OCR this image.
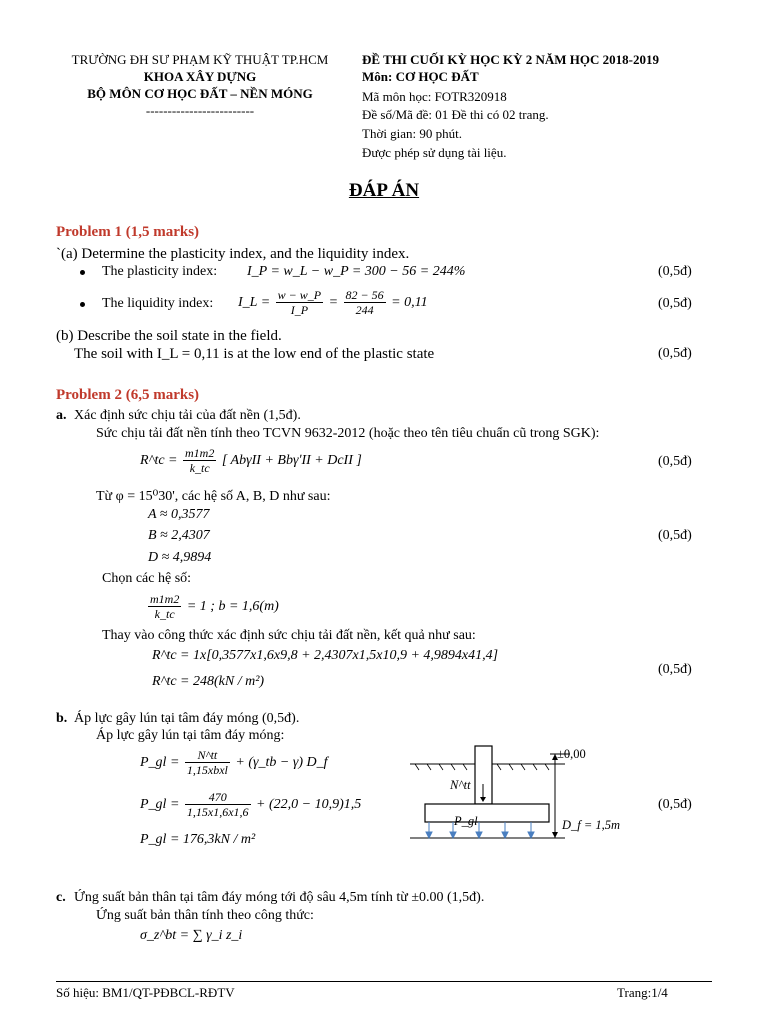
TRƯỜNG ĐH SƯ PHẠM KỸ THUẬT TP.HCM
KHOA XÂY DỰNG
BỘ MÔN CƠ HỌC ĐẤT – NỀN MÓNG
-------------------------
ĐỀ THI CUỐI KỲ HỌC KỲ 2 NĂM HỌC 2018-2019
Môn: CƠ HỌC ĐẤT
Mã môn học: FOTR320918
Đề số/Mã đề: 01 Đề thi có 02 trang.
Thời gian: 90 phút.
Được phép sử dụng tài liệu.
ĐÁP ÁN
Problem 1 (1,5 marks)
`(a) Determine the plasticity index, and the liquidity index.
The plasticity index: I_P = w_L − w_P = 300 − 56 = 244%	(0,5đ)
The liquidity index: I_L = $\frac{w - w\_P}{I\_P} = \frac{82 - 56}{244} = 0,11$	(0,5đ)
(b) Describe the soil state in the field.
The soil with I_L = 0,11 is at the low end of the plastic state	(0,5đ)
Problem 2 (6,5 marks)
a. Xác định sức chịu tải của đất nền (1,5đ).
Sức chịu tải đất nền tính theo TCVN 9632-2012 (hoặc theo tên tiêu chuẩn cũ trong SGK):
R^tc = $\frac{m1m2}{k\_tc}$ [ AbγII + BbγʹII + DcII ]	(0,5đ)
Từ φ = 15⁰30', các hệ số A, B, D như sau:
A ≈ 0,3577
B ≈ 2,4307
D ≈ 4,9894
(0,5đ)
Chọn các hệ số:
$\frac{m1m2}{k\_tc} = 1$ ; b = 1,6(m)
Thay vào công thức xác định sức chịu tải đất nền, kết quả như sau:
R^tc = 1x[0,3577x1,6x9,8 + 2,4307x1,5x10,9 + 4,9894x41,4]
R^tc = 248(kN / m²)
(0,5đ)
b. Áp lực gây lún tại tâm đáy móng (0,5đ).
Áp lực gây lún tại tâm đáy móng:
P_gl = $\frac{N\^{}tt}{\text{1,15xbxl}}$ + (γ_tb − γ) D_f
P_gl = $\frac{470}{1,15x1,6x1,6} + (22,0 - 10,9)1,5$
P_gl = 176,3kN / m²
(0,5đ)
±0,00
N^tt
P_gl	D_f = 1,5m
c. Ứng suất bản thân tại tâm đáy móng tới độ sâu 4,5m tính từ ±0.00 (1,5đ).
Ứng suất bản thân tính theo công thức:
σ_z^bt = ∑ γ_i z_i
Số hiệu: BM1/QT-PĐBCL-RĐTV	Trang:1/4
